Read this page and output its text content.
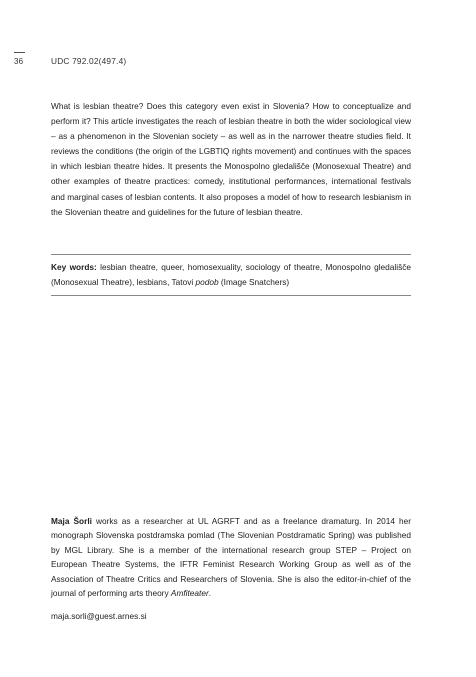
36	UDC 792.02(497.4)

What is lesbian theatre? Does this category even exist in Slovenia? How to conceptualize and perform it? This article investigates the reach of lesbian theatre in both the wider sociological view – as a phenomenon in the Slovenian society – as well as in the narrower theatre studies field. It reviews the conditions (the origin of the LGBTIQ rights movement) and continues with the spaces in which lesbian theatre hides. It presents the Monospolno gledališče (Monosexual Theatre) and other examples of theatre practices: comedy, institutional performances, international festivals and marginal cases of lesbian contents. It also proposes a model of how to research lesbianism in the Slovenian theatre and guidelines for the future of lesbian theatre.

Key words: lesbian theatre, queer, homosexuality, sociology of theatre, Monospolno gledališče (Monosexual Theatre), lesbians, Tatovi podob (Image Snatchers)

Maja Šorli works as a researcher at UL AGRFT and as a freelance dramaturg. In 2014 her monograph Slovenska postdramska pomlad (The Slovenian Postdramatic Spring) was published by MGL Library. She is a member of the international research group STEP – Project on European Theatre Systems, the IFTR Feminist Research Working Group as well as of the Association of Theatre Critics and Researchers of Slovenia. She is also the editor-in-chief of the journal of performing arts theory Amfiteater.

maja.sorli@guest.arnes.si
